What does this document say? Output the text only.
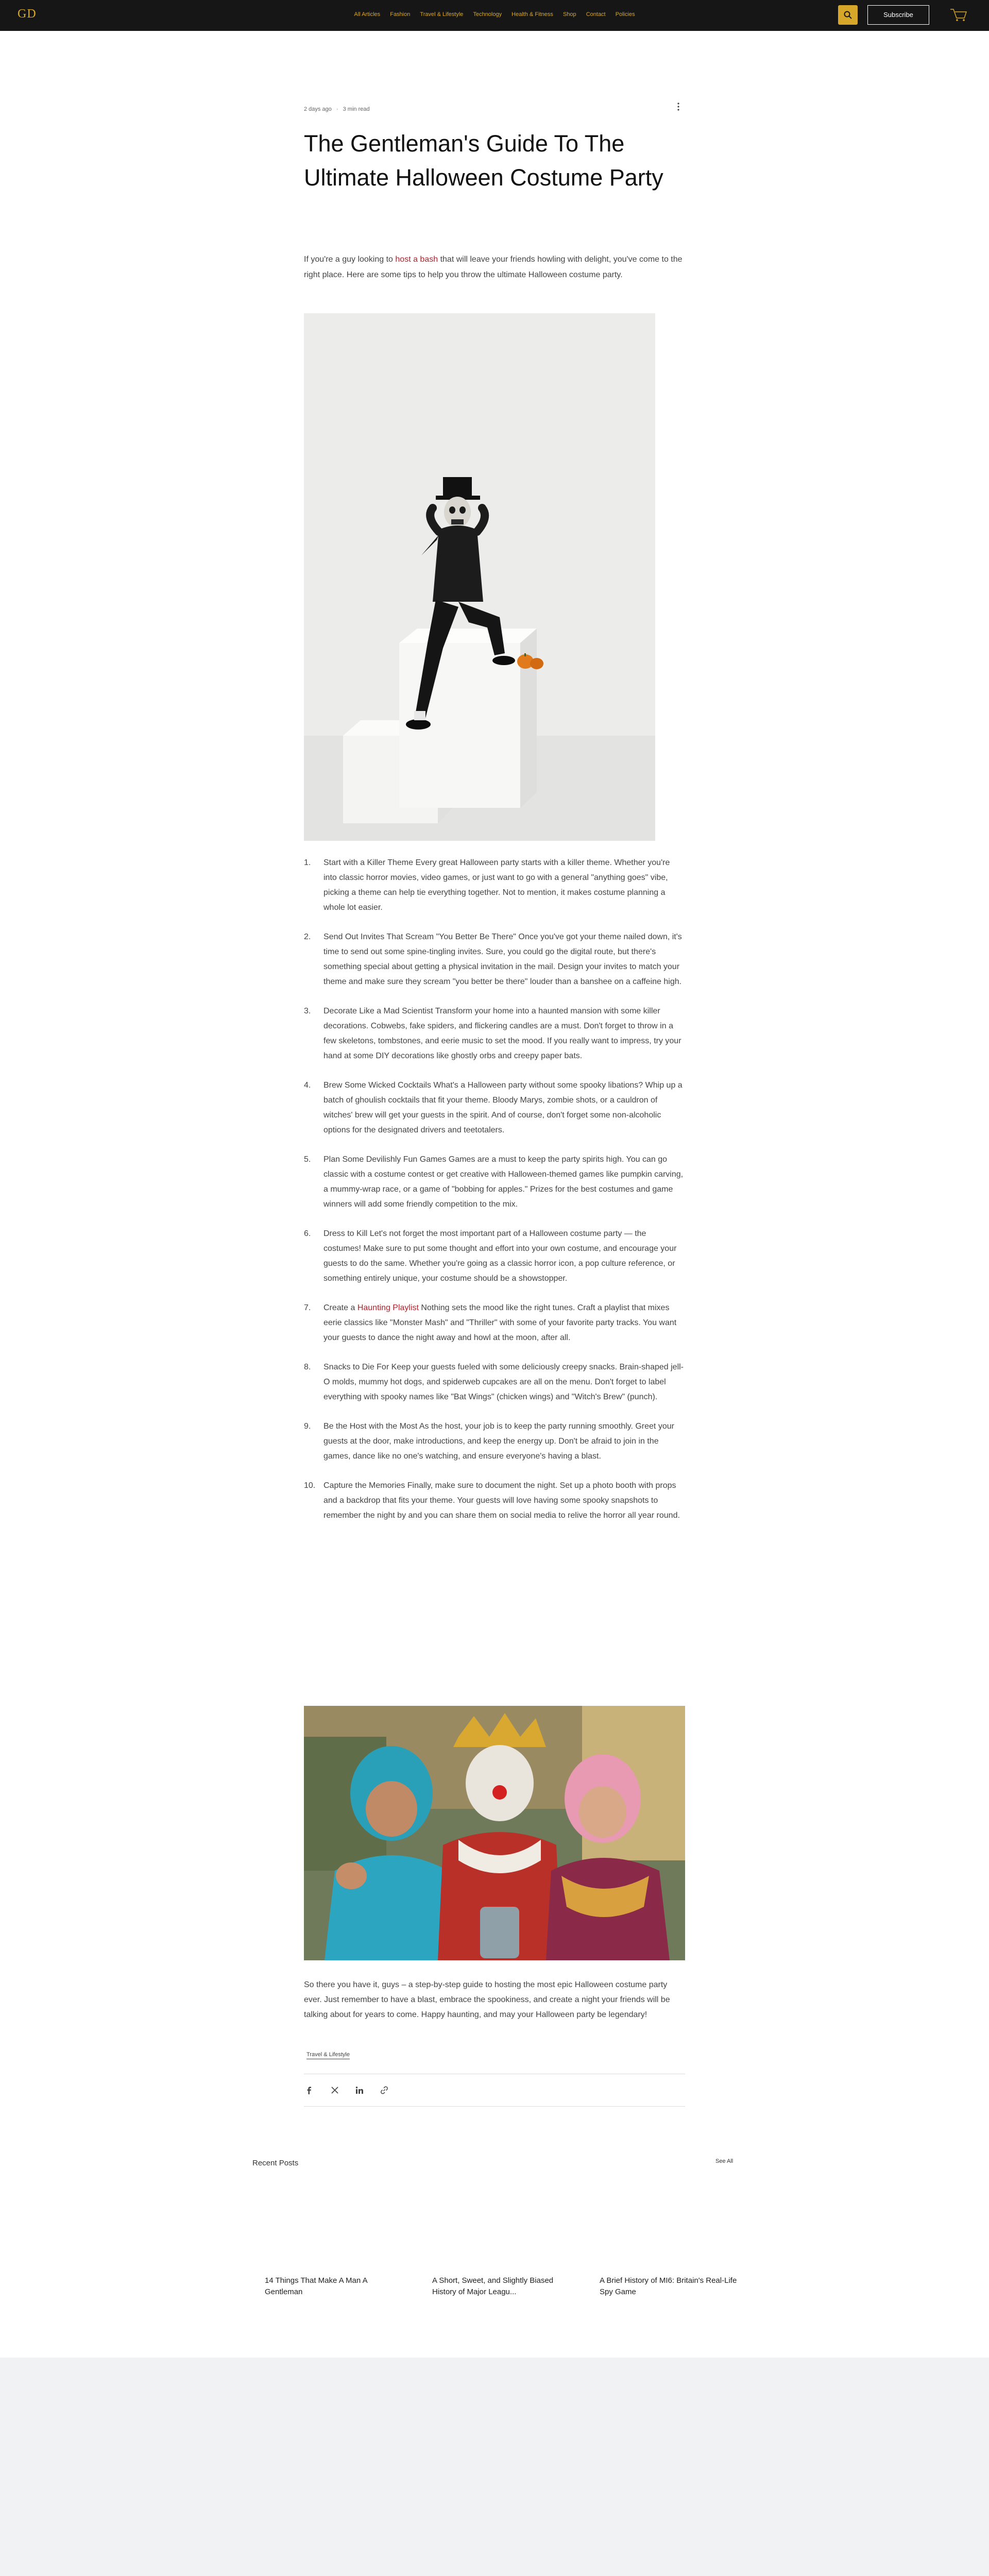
GD	All Articles Fashion Travel & Lifestyle Technology Health & Fitness Shop Contact Policies	Subscribe
2 days ago · 3 min read
The Gentleman's Guide To The Ultimate Halloween Costume Party

If you're a guy looking to host a bash that will leave your friends howling with delight, you've come to the right place. Here are some tips to help you throw the ultimate Halloween costume party.

1. Start with a Killer Theme Every great Halloween party starts with a killer theme. Whether you're into classic horror movies, video games, or just want to go with a general "anything goes" vibe, picking a theme can help tie everything together. Not to mention, it makes costume planning a whole lot easier.
2. Send Out Invites That Scream "You Better Be There" Once you've got your theme nailed down, it's time to send out some spine-tingling invites. Sure, you could go the digital route, but there's something special about getting a physical invitation in the mail. Design your invites to match your theme and make sure they scream "you better be there" louder than a banshee on a caffeine high.
3. Decorate Like a Mad Scientist Transform your home into a haunted mansion with some killer decorations. Cobwebs, fake spiders, and flickering candles are a must. Don't forget to throw in a few skeletons, tombstones, and eerie music to set the mood. If you really want to impress, try your hand at some DIY decorations like ghostly orbs and creepy paper bats.
4. Brew Some Wicked Cocktails What's a Halloween party without some spooky libations? Whip up a batch of ghoulish cocktails that fit your theme. Bloody Marys, zombie shots, or a cauldron of witches' brew will get your guests in the spirit. And of course, don't forget some non-alcoholic options for the designated drivers and teetotalers.
5. Plan Some Devilishly Fun Games Games are a must to keep the party spirits high. You can go classic with a costume contest or get creative with Halloween-themed games like pumpkin carving, a mummy-wrap race, or a game of "bobbing for apples." Prizes for the best costumes and game winners will add some friendly competition to the mix.
6. Dress to Kill Let's not forget the most important part of a Halloween costume party — the costumes! Make sure to put some thought and effort into your own costume, and encourage your guests to do the same. Whether you're going as a classic horror icon, a pop culture reference, or something entirely unique, your costume should be a showstopper.
7. Create a Haunting Playlist Nothing sets the mood like the right tunes. Craft a playlist that mixes eerie classics like "Monster Mash" and "Thriller" with some of your favorite party tracks. You want your guests to dance the night away and howl at the moon, after all.
8. Snacks to Die For Keep your guests fueled with some deliciously creepy snacks. Brain-shaped jell-O molds, mummy hot dogs, and spiderweb cupcakes are all on the menu. Don't forget to label everything with spooky names like "Bat Wings" (chicken wings) and "Witch's Brew" (punch).
9. Be the Host with the Most As the host, your job is to keep the party running smoothly. Greet your guests at the door, make introductions, and keep the energy up. Don't be afraid to join in the games, dance like no one's watching, and ensure everyone's having a blast.
10. Capture the Memories Finally, make sure to document the night. Set up a photo booth with props and a backdrop that fits your theme. Your guests will love having some spooky snapshots to remember the night by and you can share them on social media to relive the horror all year round.

So there you have it, guys – a step-by-step guide to hosting the most epic Halloween costume party ever. Just remember to have a blast, embrace the spookiness, and create a night your friends will be talking about for years to come. Happy haunting, and may your Halloween party be legendary!

Travel & Lifestyle
Recent Posts	See All
14 Things That Make A Man A Gentleman
A Short, Sweet, and Slightly Biased History of Major Leagu...
A Brief History of MI6: Britain's Real-Life Spy Game
